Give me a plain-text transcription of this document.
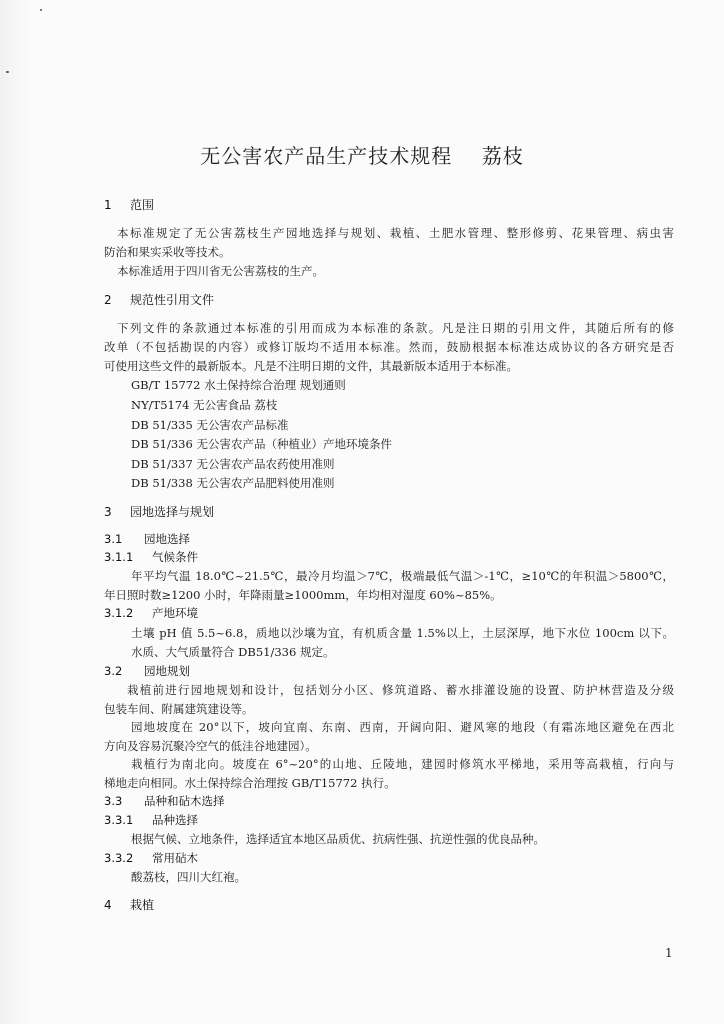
无公害农产品生产技术规程    荔枝
1 范围
本标准规定了无公害荔枝生产园地选择与规划、栽植、土肥水管理、整形修剪、花果管理、病虫害
防治和果实采收等技术。
本标准适用于四川省无公害荔枝的生产。
2 规范性引用文件
下列文件的条款通过本标准的引用而成为本标准的条款。凡是注日期的引用文件，其随后所有的修
改单（不包括勘误的内容）或修订版均不适用本标准。然而，鼓励根据本标准达成协议的各方研究是否
可使用这些文件的最新版本。凡是不注明日期的文件，其最新版本适用于本标准。
GB/T 15772 水土保持综合治理 规划通则
NY/T5174 无公害食品 荔枝
DB 51/335 无公害农产品标准
DB 51/336 无公害农产品（种植业）产地环境条件
DB 51/337 无公害农产品农药使用准则
DB 51/338 无公害农产品肥料使用准则
3 园地选择与规划
3.1 园地选择
3.1.1 气候条件
年平均气温 18.0℃~21.5℃，最冷月均温＞7℃，极端最低气温＞-1℃，≥10℃的年积温＞5800℃，
年日照时数≥1200 小时，年降雨量≥1000mm，年均相对湿度 60%~85%。
3.1.2 产地环境
土壤 pH 值 5.5~6.8，质地以沙壤为宜，有机质含量 1.5%以上，土层深厚，地下水位 100cm 以下。
水质、大气质量符合 DB51/336 规定。
3.2 园地规划
栽植前进行园地规划和设计，包括划分小区、修筑道路、蓄水排灌设施的设置、防护林营造及分级
包装车间、附属建筑建设等。
园地坡度在 20°以下，坡向宜南、东南、西南，开阔向阳、避风寒的地段（有霜冻地区避免在西北
方向及容易沉聚冷空气的低洼谷地建园）。
栽植行为南北向。坡度在 6°~20°的山地、丘陵地，建园时修筑水平梯地，采用等高栽植，行向与
梯地走向相同。水土保持综合治理按 GB/T15772 执行。
3.3 品种和砧木选择
3.3.1 品种选择
根据气候、立地条件，选择适宜本地区品质优、抗病性强、抗逆性强的优良品种。
3.3.2 常用砧木
酸荔枝，四川大红袍。
4 栽植
1
